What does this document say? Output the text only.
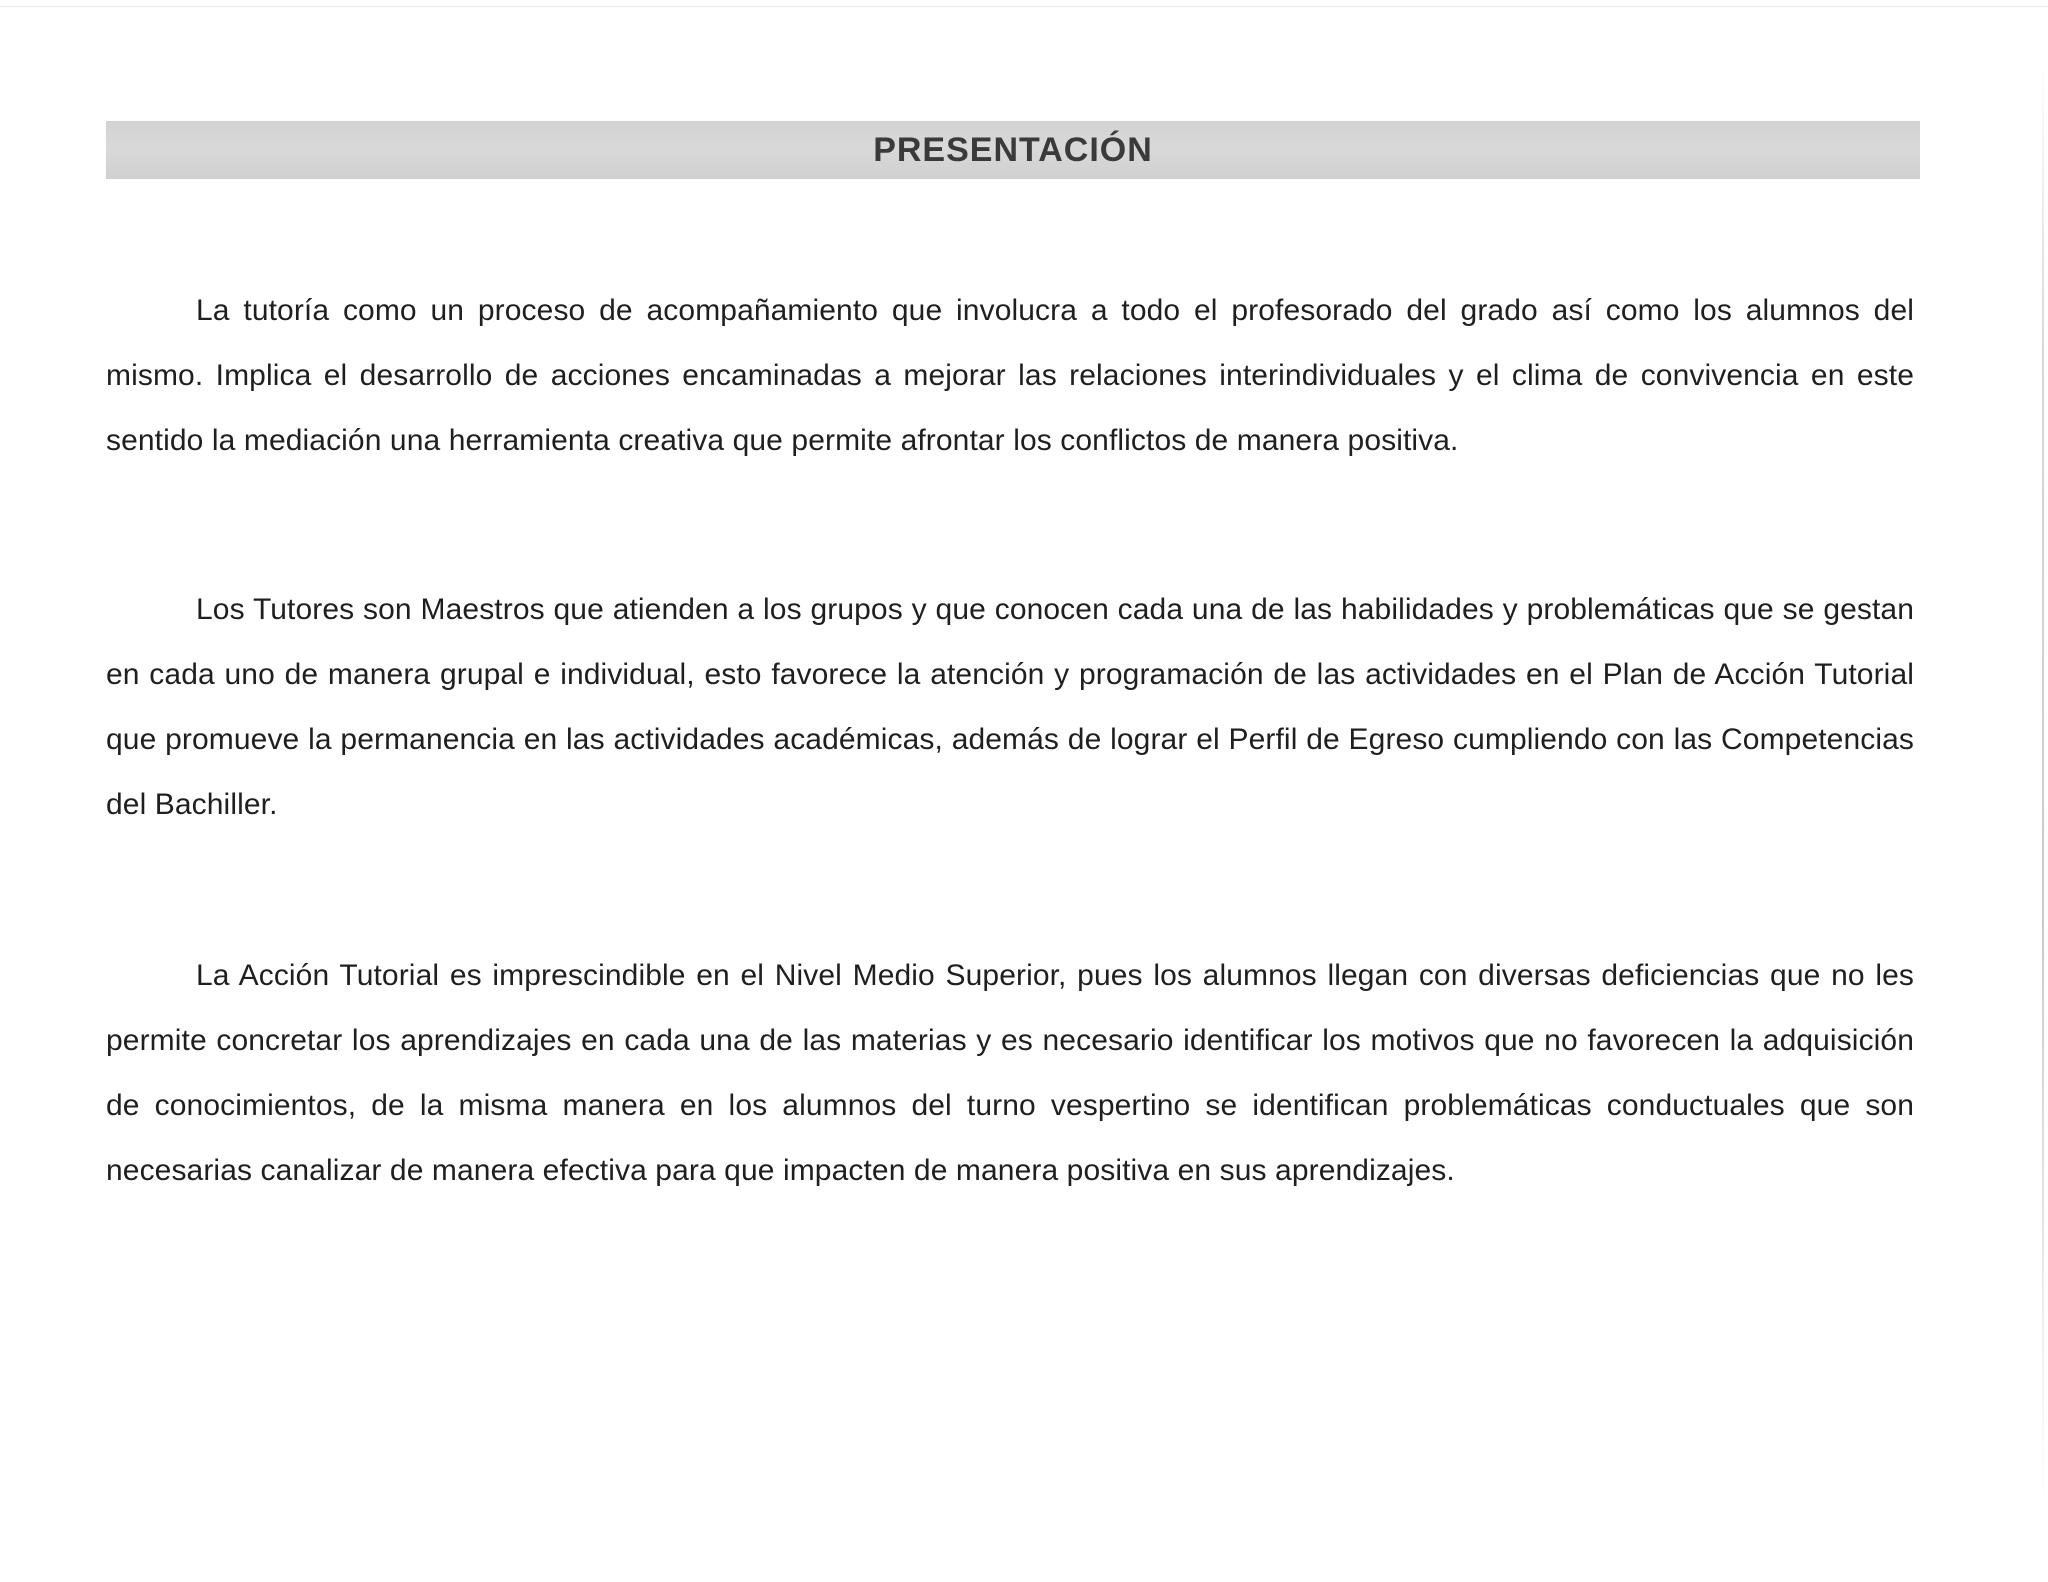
PRESENTACIÓN

La tutoría como un proceso de acompañamiento que involucra a todo el profesorado del grado así como los alumnos del mismo. Implica el desarrollo de acciones encaminadas a mejorar las relaciones interindividuales y el clima de convivencia en este sentido la mediación una herramienta creativa que permite afrontar los conflictos de manera positiva.

Los Tutores son Maestros que atienden a los grupos y que conocen cada una de las habilidades y problemáticas que se gestan en cada uno de manera grupal e individual, esto favorece la atención y programación de las actividades en el Plan de Acción Tutorial que promueve la permanencia en las actividades académicas, además de lograr el Perfil de Egreso cumpliendo con las Competencias del Bachiller.

La Acción Tutorial es imprescindible en el Nivel Medio Superior, pues los alumnos llegan con diversas deficiencias que no les permite concretar los aprendizajes en cada una de las materias y es necesario identificar los motivos que no favorecen la adquisición de conocimientos, de la misma manera en los alumnos del turno vespertino se identifican problemáticas conductuales que son necesarias canalizar de manera efectiva para que impacten de manera positiva en sus aprendizajes.
